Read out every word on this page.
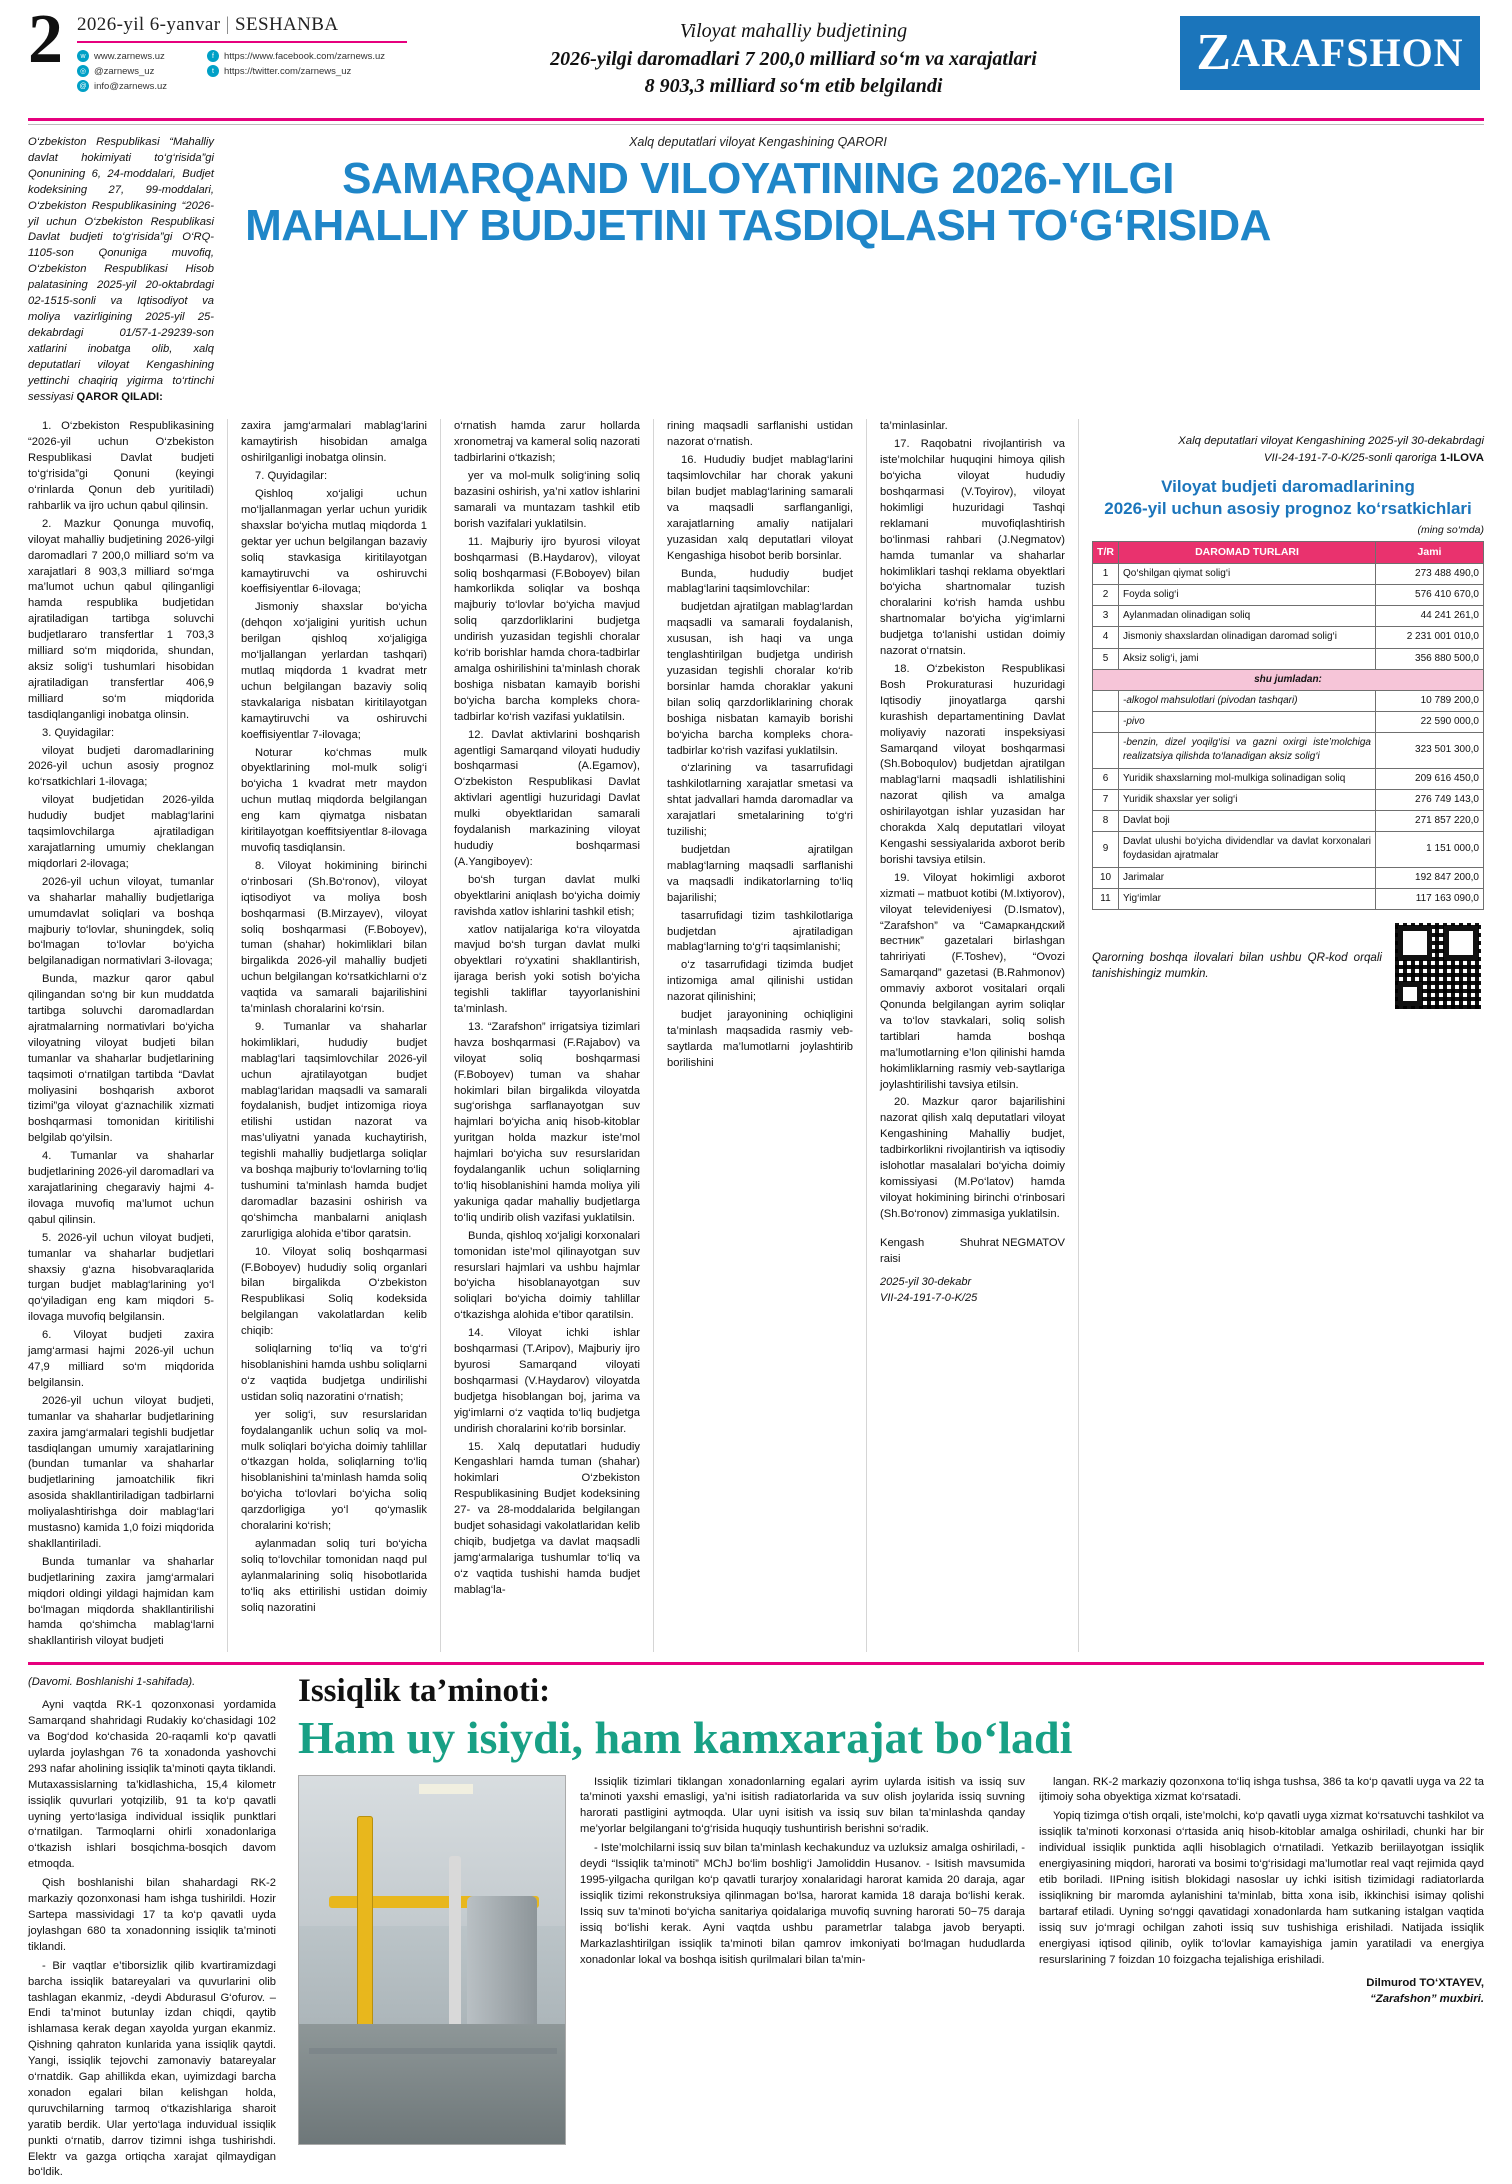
2 2026-yil 6-yanvar | SESHANBA
w www.zarnews.uz	f	https://www.facebook.com/zarnews.uz
◎ @zarnews_uz	t	https://twitter.com/zarnews_uz
@ info@zarnews.uz
Viloyat mahalliy budjetining
2026-yilgi daromadlari 7 200,0 milliard so‘m va xarajatlari
8 903,3 milliard so‘m etib belgilandi
Z ARAFSHON
O‘zbekiston Respublikasi “Mahalliy davlat hokimiyati to‘g‘risida”gi Qonunining 6, 24-moddalari, Budjet kodeksining 27, 99-moddalari, O‘zbekiston Respublikasining “2026-yil uchun O‘zbekiston Respublikasi Davlat budjeti to‘g‘risida”gi O‘RQ-1105-son Qonuniga muvofiq, O‘zbekiston Respublikasi Hisob palatasining 2025-yil 20-oktabrdagi 02-1515-sonli va Iqtisodiyot va moliya vazirligining 2025-yil 25-dekabrdagi 01/57-1-29239-son xatlarini inobatga olib, xalq deputatlari viloyat Kengashining yettinchi chaqiriq yigirma to‘rtinchi sessiyasi QAROR QILADI:
Xalq deputatlari viloyat Kengashining QARORI
SAMARQAND VILOYATINING 2026-YILGI MAHALLIY BUDJETINI TASDIQLASH TO‘G‘RISIDA

1. O‘zbekiston Respublikasining “2026-yil uchun O‘zbekiston Respublikasi Davlat budjeti to‘g‘risida”gi Qonuni (keyingi o‘rinlarda Qonun deb yuritiladi) rahbarlik va ijro uchun qabul qilinsin.

2. Mazkur Qonunga muvofiq, viloyat mahalliy budjetining 2026-yilgi daromadlari 7 200,0 milliard so‘m va xarajatlari 8 903,3 milliard so‘mga ma’lumot uchun qabul qilinganligi hamda respublika budjetidan ajratiladigan tartibga soluvchi budjetlararo transfertlar 1 703,3 milliard so‘m miqdorida, shundan, aksiz solig‘i tushumlari hisobidan ajratiladigan transfertlar 406,9 milliard so‘m miqdorida tasdiqlanganligi inobatga olinsin.

3. Quyidagilar:

viloyat budjeti daromadlarining 2026-yil uchun asosiy prognoz ko‘rsatkichlari 1-ilovaga;

viloyat budjetidan 2026-yilda hududiy budjet mablag‘larini taqsimlovchilarga ajratiladigan xarajatlarning umumiy cheklangan miqdorlari 2-ilovaga;

2026-yil uchun viloyat, tumanlar va shaharlar mahalliy budjetlariga umumdavlat soliqlari va boshqa majburiy to‘lovlar, shuningdek, soliq bo‘lmagan to‘lovlar bo‘yicha belgilanadigan normativlari 3-ilovaga;

Bunda, mazkur qaror qabul qilingandan so‘ng bir kun muddatda tartibga soluvchi daromadlardan ajratmalarning normativlari bo‘yicha viloyatning viloyat budjeti bilan tumanlar va shaharlar budjetlarining taqsimoti o‘rnatilgan tartibda “Davlat moliyasini boshqarish axborot tizimi”ga viloyat g‘aznachilik xizmati boshqarmasi tomonidan kiritilishi belgilab qo‘yilsin.

4. Tumanlar va shaharlar budjetlarining 2026-yil daromadlari va xarajatlarining chegaraviy hajmi 4-ilovaga muvofiq ma’lumot uchun qabul qilinsin.

5. 2026-yil uchun viloyat budjeti, tumanlar va shaharlar budjetlari shaxsiy g‘azna hisobvaraqlarida turgan budjet mablag‘larining yo‘l qo‘yiladigan eng kam miqdori 5-ilovaga muvofiq belgilansin.

6. Viloyat budjeti zaxira jamg‘armasi hajmi 2026-yil uchun 47,9 milliard so‘m miqdorida belgilansin.

2026-yil uchun viloyat budjeti, tumanlar va shaharlar budjetlarining zaxira jamg‘armalari tegishli budjetlar tasdiqlangan umumiy xarajatlarining (bundan tumanlar va shaharlar budjetlarining jamoatchilik fikri asosida shakllantiriladigan tadbirlarni moliyalashtirishga doir mablag‘lari mustasno) kamida 1,0 foizi miqdorida shakllantiriladi.

Bunda tumanlar va shaharlar budjetlarining zaxira jamg‘armalari miqdori oldingi yildagi hajmidan kam bo‘lmagan miqdorda shakllantirilishi hamda qo‘shimcha mablag‘larni shakllantirish viloyat budjeti

zaxira jamg‘armalari mablag‘larini kamaytirish hisobidan amalga oshirilganligi inobatga olinsin.

7. Quyidagilar:

Qishloq xo‘jaligi uchun mo‘ljallanmagan yerlar uchun yuridik shaxslar bo‘yicha mutlaq miqdorda 1 gektar yer uchun belgilangan bazaviy soliq stavkasiga kiritilayotgan kamaytiruvchi va oshiruvchi koeffisiyentlar 6-ilovaga;

Jismoniy shaxslar bo‘yicha (dehqon xo‘jaligini yuritish uchun berilgan qishloq xo‘jaligiga mo‘ljallangan yerlardan tashqari) mutlaq miqdorda 1 kvadrat metr uchun belgilangan bazaviy soliq stavkalariga nisbatan kiritilayotgan kamaytiruvchi va oshiruvchi koeffisiyentlar 7-ilovaga;

Noturar ko‘chmas mulk obyektlarining mol-mulk solig‘i bo‘yicha 1 kvadrat metr maydon uchun mutlaq miqdorda belgilangan eng kam qiymatga nisbatan kiritilayotgan koeffitsiyentlar 8-ilovaga muvofiq tasdiqlansin.

8. Viloyat hokimining birinchi o‘rinbosari (Sh.Bo‘ronov), viloyat iqtisodiyot va moliya bosh boshqarmasi (B.Mirzayev), viloyat soliq boshqarmasi (F.Boboyev), tuman (shahar) hokimliklari bilan birgalikda 2026-yil mahalliy budjeti uchun belgilangan ko‘rsatkichlarni o‘z vaqtida va samarali bajarilishini ta’minlash choralarini ko‘rsin.

9. Tumanlar va shaharlar hokimliklari, hududiy budjet mablag‘lari taqsimlovchilar 2026-yil uchun ajratilayotgan budjet mablag‘laridan maqsadli va samarali foydalanish, budjet intizomiga rioya etilishi ustidan nazorat va mas’uliyatni yanada kuchaytirish, tegishli mahalliy budjetlarga soliqlar va boshqa majburiy to‘lovlarning to‘liq tushumini ta’minlash hamda budjet daromadlar bazasini oshirish va qo‘shimcha manbalarni aniqlash zarurligiga alohida e’tibor qaratsin.

10. Viloyat soliq boshqarmasi (F.Boboyev) hududiy soliq organlari bilan birgalikda O‘zbekiston Respublikasi Soliq kodeksida belgilangan vakolatlardan kelib chiqib:

soliqlarning to‘liq va to‘g‘ri hisoblanishini hamda ushbu soliqlarni o‘z vaqtida budjetga undirilishi ustidan soliq nazoratini o‘rnatish;

yer solig‘i, suv resurslaridan foydalanganlik uchun soliq va mol-mulk soliqlari bo‘yicha doimiy tahlillar o‘tkazgan holda, soliqlarning to‘liq hisoblanishini ta’minlash hamda soliq bo‘yicha to‘lovlari bo‘yicha soliq qarzdorligiga yo‘l qo‘ymaslik choralarini ko‘rish;

aylanmadan soliq turi bo‘yicha soliq to‘lovchilar tomonidan naqd pul aylanmalarining soliq hisobotlarida to‘liq aks ettirilishi ustidan doimiy soliq nazoratini

o‘rnatish hamda zarur hollarda xronometraj va kameral soliq nazorati tadbirlarini o‘tkazish;

yer va mol-mulk solig‘ining soliq bazasini oshirish, ya’ni xatlov ishlarini samarali va muntazam tashkil etib borish vazifalari yuklatilsin.

11. Majburiy ijro byurosi viloyat boshqarmasi (B.Haydarov), viloyat soliq boshqarmasi (F.Boboyev) bilan hamkorlikda soliqlar va boshqa majburiy to‘lovlar bo‘yicha mavjud soliq qarzdorliklarini budjetga undirish yuzasidan tegishli choralar ko‘rib borishlar hamda chora-tadbirlar amalga oshirilishini ta’minlash chorak boshiga nisbatan kamayib borishi bo‘yicha barcha kompleks chora-tadbirlar ko‘rish vazifasi yuklatilsin.

12. Davlat aktivlarini boshqarish agentligi Samarqand viloyati hududiy boshqarmasi (A.Egamov), O‘zbekiston Respublikasi Davlat aktivlari agentligi huzuridagi Davlat mulki obyektlaridan samarali foydalanish markazining viloyat hududiy boshqarmasi (A.Yangiboyev):

bo‘sh turgan davlat mulki obyektlarini aniqlash bo‘yicha doimiy ravishda xatlov ishlarini tashkil etish;

xatlov natijalariga ko‘ra viloyatda mavjud bo‘sh turgan davlat mulki obyektlari ro‘yxatini shakllantirish, ijaraga berish yoki sotish bo‘yicha tegishli takliflar tayyorlanishini ta’minlash.

13. “Zarafshon” irrigatsiya tizimlari havza boshqarmasi (F.Rajabov) va viloyat soliq boshqarmasi (F.Boboyev) tuman va shahar hokimlari bilan birgalikda viloyatda sug‘orishga sarflanayotgan suv hajmlari bo‘yicha aniq hisob-kitoblar yuritgan holda mazkur iste’mol hajmlari bo‘yicha suv resurslaridan foydalanganlik uchun soliqlarning to‘liq hisoblanishini hamda moliya yili yakuniga qadar mahalliy budjetlarga to‘liq undirib olish vazifasi yuklatilsin.

Bunda, qishloq xo‘jaligi korxonalari tomonidan iste’mol qilinayotgan suv resurslari hajmlari va ushbu hajmlar bo‘yicha hisoblanayotgan suv soliqlari bo‘yicha doimiy tahlillar o‘tkazishga alohida e’tibor qaratilsin.

14. Viloyat ichki ishlar boshqarmasi (T.Aripov), Majburiy ijro byurosi Samarqand viloyati boshqarmasi (V.Haydarov) viloyatda budjetga hisoblangan boj, jarima va yig‘imlarni o‘z vaqtida to‘liq budjetga undirish choralarini ko‘rib borsinlar.

15. Xalq deputatlari hududiy Kengashlari hamda tuman (shahar) hokimlari O‘zbekiston Respublikasining Budjet kodeksining 27- va 28-moddalarida belgilangan budjet sohasidagi vakolatlaridan kelib chiqib, budjetga va davlat maqsadli jamg‘armalariga tushumlar to‘liq va o‘z vaqtida tushishi hamda budjet mablag‘la-

rining maqsadli sarflanishi ustidan nazorat o‘rnatish.

16. Hududiy budjet mablag‘larini taqsimlovchilar har chorak yakuni bilan budjet mablag‘larining samarali va maqsadli sarflanganligi, xarajatlarning amaliy natijalari yuzasidan xalq deputatlari viloyat Kengashiga hisobot berib borsinlar.

Bunda, hududiy budjet mablag‘larini taqsimlovchilar:

budjetdan ajratilgan mablag‘lardan maqsadli va samarali foydalanish, xususan, ish haqi va unga tenglashtirilgan budjetga undirish yuzasidan tegishli choralar ko‘rib borsinlar hamda choraklar yakuni bilan soliq qarzdorliklarining chorak boshiga nisbatan kamayib borishi bo‘yicha barcha kompleks chora-tadbirlar ko‘rish vazifasi yuklatilsin.

o‘zlarining va tasarrufidagi tashkilotlarning xarajatlar smetasi va shtat jadvallari hamda daromadlar va xarajatlari smetalarining to‘g‘ri tuzilishi;

budjetdan ajratilgan mablag‘larning maqsadli sarflanishi va maqsadli indikatorlarning to‘liq bajarilishi;

tasarrufidagi tizim tashkilotlariga budjetdan ajratiladigan mablag‘larning to‘g‘ri taqsimlanishi;

o‘z tasarrufidagi tizimda budjet intizomiga amal qilinishi ustidan nazorat qilinishini;

budjet jarayonining ochiqligini ta’minlash maqsadida rasmiy veb-saytlarda ma’lumotlarni joylashtirib borilishini

ta’minlasinlar.

17. Raqobatni rivojlantirish va iste’molchilar huquqini himoya qilish bo‘yicha viloyat hududiy boshqarmasi (V.Toyirov), viloyat hokimligi huzuridagi Tashqi reklamani muvofiqlashtirish bo‘linmasi rahbari (J.Negmatov) hamda tumanlar va shaharlar hokimliklari tashqi reklama obyektlari bo‘yicha shartnomalar tuzish choralarini ko‘rish hamda ushbu shartnomalar bo‘yicha yig‘imlarni budjetga to‘lanishi ustidan doimiy nazorat o‘rnatsin.

18. O‘zbekiston Respublikasi Bosh Prokuraturasi huzuridagi Iqtisodiy jinoyatlarga qarshi kurashish departamentining Davlat moliyaviy nazorati inspeksiyasi Samarqand viloyat boshqarmasi (Sh.Boboqulov) budjetdan ajratilgan mablag‘larni maqsadli ishlatilishini nazorat qilish va amalga oshirilayotgan ishlar yuzasidan har chorakda Xalq deputatlari viloyat Kengashi sessiyalarida axborot berib borishi tavsiya etilsin.

19. Viloyat hokimligi axborot xizmati – matbuot kotibi (M.Ixtiyorov), viloyat televideniyesi (D.Ismatov), “Zarafshon” va “Самаркандский вестник” gazetalari birlashgan tahririyati (F.Toshev), “Ovozi Samarqand” gazetasi (B.Rahmonov) ommaviy axborot vositalari orqali Qonunda belgilangan ayrim soliqlar va to‘lov stavkalari, soliq solish tartiblari hamda boshqa ma’lumotlarning e’lon qilinishi hamda hokimliklarning rasmiy veb-saytlariga joylashtirilishi tavsiya etilsin.

20. Mazkur qaror bajarilishini nazorat qilish xalq deputatlari viloyat Kengashining Mahalliy budjet, tadbirkorlikni rivojlantirish va iqtisodiy islohotlar masalalari bo‘yicha doimiy komissiyasi (M.Po‘latov) hamda viloyat hokimining birinchi o‘rinbosari (Sh.Bo‘ronov) zimmasiga yuklatilsin.

Kengash
raisi
Shuhrat NEGMATOV
2025-yil 30-dekabr
VII-24-191-7-0-K/25
Xalq deputatlari viloyat Kengashining 2025-yil 30-dekabrdagi
VII-24-191-7-0-K/25-sonli qaroriga 1-ILOVA
Viloyat budjeti daromadlarining
2026-yil uchun asosiy prognoz ko‘rsatkichlari
(ming so‘mda)
T/R	DAROMAD TURLARI	Jami
1	Qo‘shilgan qiymat solig‘i	273 488 490,0
2	Foyda solig‘i	576 410 670,0
3	Aylanmadan olinadigan soliq	44 241 261,0
4	Jismoniy shaxslardan olinadigan daromad solig‘i	2 231 001 010,0
5	Aksiz solig‘i, jami	356 880 500,0
shu jumladan:		
	-alkogol mahsulotlari (pivodan tashqari)	10 789 200,0
	-pivo	22 590 000,0
	-benzin, dizel yoqilg‘isi va gazni oxirgi iste’molchiga realizatsiya qilishda to‘lanadigan aksiz solig‘i	323 501 300,0
6	Yuridik shaxslarning mol-mulkiga solinadigan soliq	209 616 450,0
7	Yuridik shaxslar yer solig‘i	276 749 143,0
8	Davlat boji	271 857 220,0
9	Davlat ulushi bo‘yicha dividendlar va davlat korxonalari foydasidan ajratmalar	1 151 000,0
10	Jarimalar	192 847 200,0
11	Yig‘imlar	117 163 090,0
Qarorning boshqa ilovalari bilan ushbu QR-kod orqali tanishishingiz mumkin.
(Davomi. Boshlanishi 1-sahifada).

Ayni vaqtda RK-1 qozonxonasi yordamida Samarqand shahridagi Rudakiy ko‘chasidagi 102 va Bog‘dod ko‘chasida 20-raqamli ko‘p qavatli uylarda joylashgan 76 ta xonadonda yashovchi 293 nafar aholining issiqlik ta’minoti qayta tiklandi. Mutaxassislarning ta’kidlashicha, 15,4 kilometr issiqlik quvurlari yotqizilib, 91 ta ko‘p qavatli uyning yerto‘lasiga individual issiqlik punktlari o‘rnatilgan. Tarmoqlarni ohirli xonadonlariga o‘tkazish ishlari bosqichma-bosqich davom etmoqda.

Qish boshlanishi bilan shahardagi RK-2 markaziy qozonxonasi ham ishga tushirildi. Hozir Sartepa massividagi 17 ta ko‘p qavatli uyda joylashgan 680 ta xonadonning issiqlik ta’minoti tiklandi.

- Bir vaqtlar e’tiborsizlik qilib kvartiramizdagi barcha issiqlik batareyalari va quvurlarini olib tashlagan ekanmiz, -deydi Abdurasul G‘ofurov. – Endi ta’minot butunlay izdan chiqdi, qaytib ishlamasa kerak degan xayolda yurgan ekanmiz. Qishning qahraton kunlarida yana issiqlik qaytdi. Yangi, issiqlik tejovchi zamonaviy batareyalar o‘rnatdik. Gap ahillikda ekan, uyimizdagi barcha xonadon egalari bilan kelishgan holda, quruvchilarning tarmoq o‘tkazishlariga sharoit yaratib berdik. Ular yerto‘laga induvidual issiqlik punkti o‘rnatib, darrov tizimni ishga tushirishdi. Elektr va gazga ortiqcha xarajat qilmaydigan bo‘ldik.

Issiqlik ta’minoti:
Ham uy isiydi, ham kamxarajat bo‘ladi

Issiqlik tizimlari tiklangan xonadonlarning egalari ayrim uylarda isitish va issiq suv ta’minoti yaxshi emasligi, ya’ni isitish radiatorlarida va suv olish joylarida issiq suvning harorati pastligini aytmoqda. Ular uyni isitish va issiq suv bilan ta’minlashda qanday me’yorlar belgilangani to‘g‘risida huquqiy tushuntirish berishni so‘radik.

- Iste’molchilarni issiq suv bilan ta’minlash kechakunduz va uzluksiz amalga oshiriladi, -deydi “Issiqlik ta’minoti” MChJ bo‘lim boshlig‘i Jamoliddin Husanov. - Isitish mavsumida 1995-yilgacha qurilgan ko‘p qavatli turarjoy xonalaridagi harorat kamida 20 daraja, agar issiqlik tizimi rekonstruksiya qilinmagan bo‘lsa, harorat kamida 18 daraja bo‘lishi kerak. Issiq suv ta’minoti bo‘yicha sanitariya qoidalariga muvofiq suvning harorati 50−75 daraja issiq bo‘lishi kerak. Ayni vaqtda ushbu parametrlar talabga javob beryapti. Markazlashtirilgan issiqlik ta’minoti bilan qamrov imkoniyati bo‘lmagan hududlarda xonadonlar lokal va boshqa isitish qurilmalari bilan ta’min-

langan. RK-2 markaziy qozonxona to‘liq ishga tushsa, 386 ta ko‘p qavatli uyga va 22 ta ijtimoiy soha obyektiga xizmat ko‘rsatadi.

Yopiq tizimga o‘tish orqali, iste’molchi, ko‘p qavatli uyga xizmat ko‘rsatuvchi tashkilot va issiqlik ta’minoti korxonasi o‘rtasida aniq hisob-kitoblar amalga oshiriladi, chunki har bir individual issiqlik punktida aqlli hisoblagich o‘rnatiladi. Yetkazib beriilayotgan issiqlik energiyasining miqdori, harorati va bosimi to‘g‘risidagi ma’lumotlar real vaqt rejimida qayd etib boriladi. IIPning isitish blokidagi nasoslar uy ichki isitish tizimidagi radiatorlarda issiqlikning bir maromda aylanishini ta’minlab, bitta xona isib, ikkinchisi isimay qolishi bartaraf etiladi. Uyning so‘nggi qavatidagi xonadonlarda ham sutkaning istalgan vaqtida issiq suv jo‘mragi ochilgan zahoti issiq suv tushishiga erishiladi. Natijada issiqlik energiyasi iqtisod qilinib, oylik to‘lovlar kamayishiga jamin yaratiladi va energiya resurslarining 7 foizdan 10 foizgacha tejalishiga erishiladi.

Dilmurod TO‘XTAYEV,
“Zarafshon” muxbiri.
